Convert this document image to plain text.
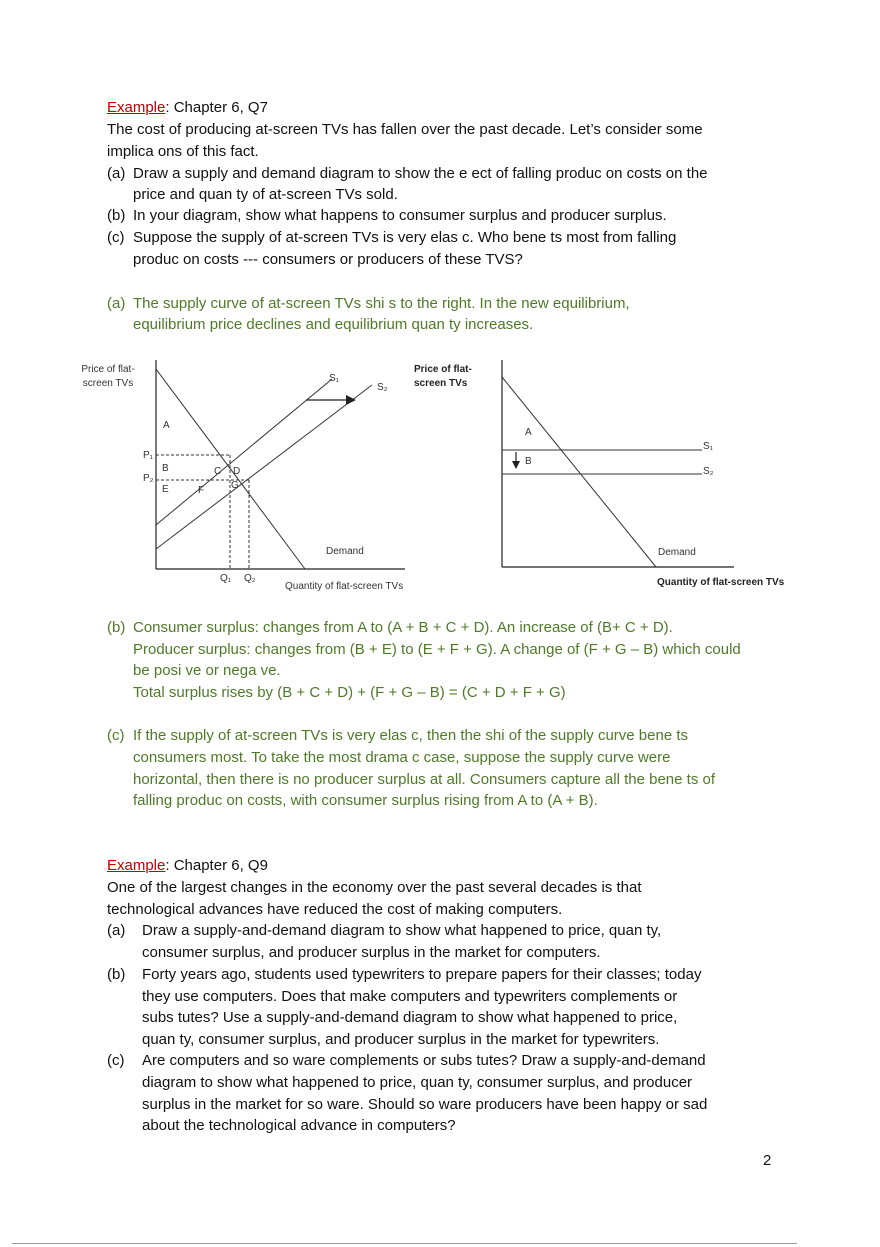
Example: Chapter 6, Q7
The cost of producing at-screen TVs has fallen over the past decade. Let’s consider some
implica ons of this fact.
(a) Draw a supply and demand diagram to show the e ect of falling produc on costs on the
price and quan ty of at-screen TVs sold.
(b) In your diagram, show what happens to consumer surplus and producer surplus.
(c) Suppose the supply of at-screen TVs is very elas c. Who bene ts most from falling
produc on costs --- consumers or producers of these TVS?
(a) The supply curve of at-screen TVs shi s to the right. In the new equilibrium,
equilibrium price declines and equilibrium quan ty increases.
Price of flat-
screen TVs	S₁
S₂
Demand
P₁
P₂
Q₁ Q₂
A
B	C D
E	F	G
Quantity of flat-screen TVs
Price of flat-
screen TVs
S₁
S₂
Demand
A
B
Quantity of flat-screen TVs
(b) Consumer surplus: changes from A to (A + B + C + D). An increase of (B+ C + D).
Producer surplus: changes from (B + E) to (E + F + G). A change of (F + G – B) which could
be posi ve or nega ve.
Total surplus rises by (B + C + D) + (F + G – B) = (C + D + F + G)
(c) If the supply of at-screen TVs is very elas c, then the shi of the supply curve bene ts
consumers most. To take the most drama c case, suppose the supply curve were
horizontal, then there is no producer surplus at all. Consumers capture all the bene ts of
falling produc on costs, with consumer surplus rising from A to (A + B).
Example: Chapter 6, Q9
One of the largest changes in the economy over the past several decades is that
technological advances have reduced the cost of making computers.
(a) Draw a supply-and-demand diagram to show what happened to price, quan ty,
consumer surplus, and producer surplus in the market for computers.
(b) Forty years ago, students used typewriters to prepare papers for their classes; today
they use computers. Does that make computers and typewriters complements or
subs tutes? Use a supply-and-demand diagram to show what happened to price,
quan ty, consumer surplus, and producer surplus in the market for typewriters.
(c) Are computers and so ware complements or subs tutes? Draw a supply-and-demand
diagram to show what happened to price, quan ty, consumer surplus, and producer
surplus in the market for so ware. Should so ware producers have been happy or sad
about the technological advance in computers?
2
